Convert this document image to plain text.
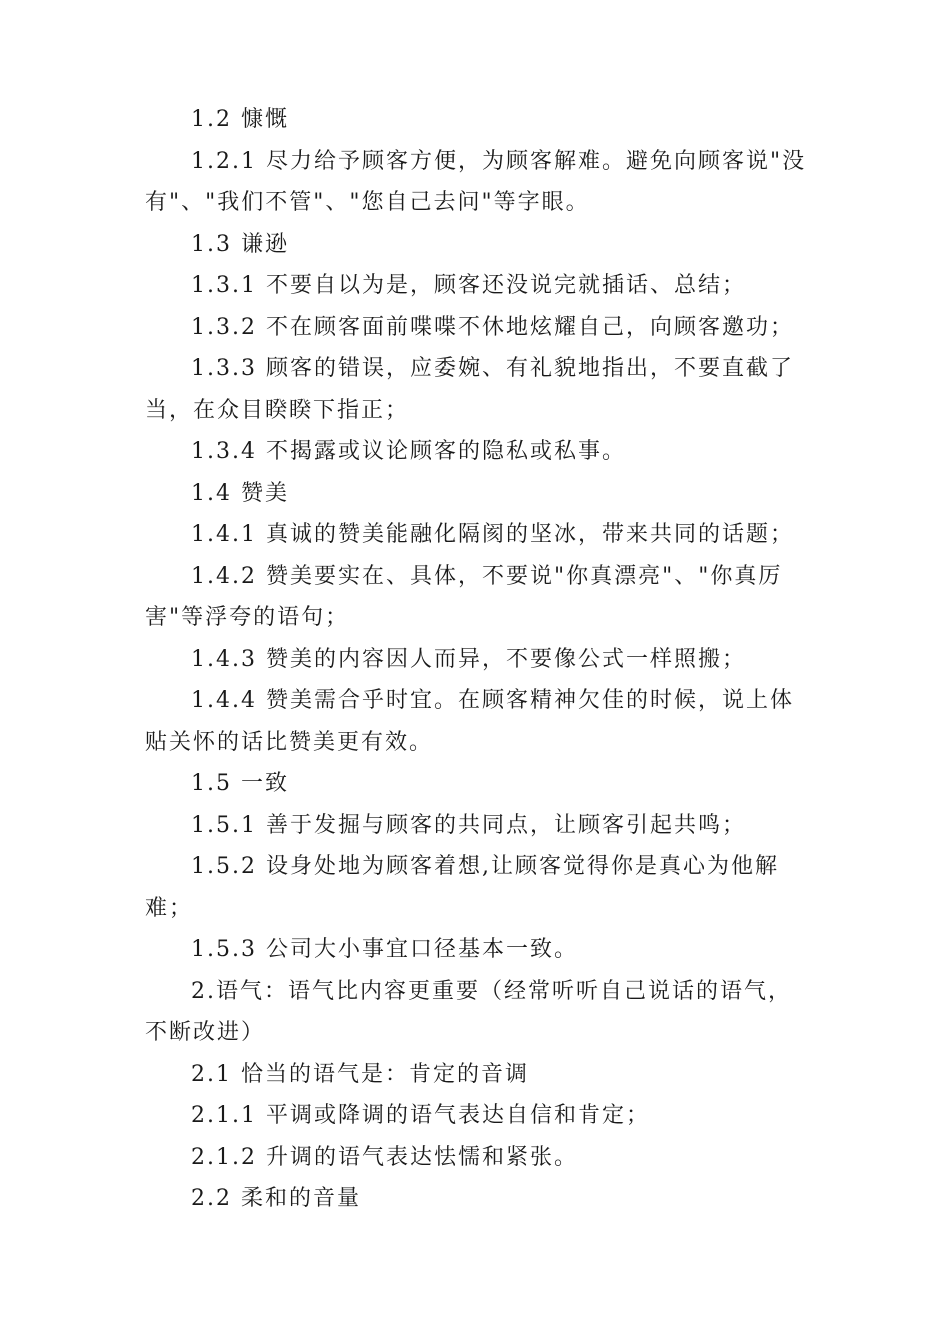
1.2 慷慨

1.2.1 尽力给予顾客方便，为顾客解难。避免向顾客说"没有"、"我们不管"、"您自己去问"等字眼。

1.3 谦逊

1.3.1 不要自以为是，顾客还没说完就插话、总结；

1.3.2 不在顾客面前喋喋不休地炫耀自己，向顾客邀功；

1.3.3 顾客的错误，应委婉、有礼貌地指出，不要直截了当，在众目睽睽下指正；

1.3.4 不揭露或议论顾客的隐私或私事。

1.4 赞美

1.4.1 真诚的赞美能融化隔阂的坚冰，带来共同的话题；

1.4.2 赞美要实在、具体，不要说"你真漂亮"、"你真厉害"等浮夸的语句；

1.4.3 赞美的内容因人而异，不要像公式一样照搬；

1.4.4 赞美需合乎时宜。在顾客精神欠佳的时候，说上体贴关怀的话比赞美更有效。

1.5 一致

1.5.1 善于发掘与顾客的共同点，让顾客引起共鸣；

1.5.2 设身处地为顾客着想,让顾客觉得你是真心为他解难；

1.5.3 公司大小事宜口径基本一致。

2.语气：语气比内容更重要（经常听听自己说话的语气，不断改进）

2.1 恰当的语气是：肯定的音调

2.1.1 平调或降调的语气表达自信和肯定；

2.1.2 升调的语气表达怯懦和紧张。

2.2 柔和的音量
